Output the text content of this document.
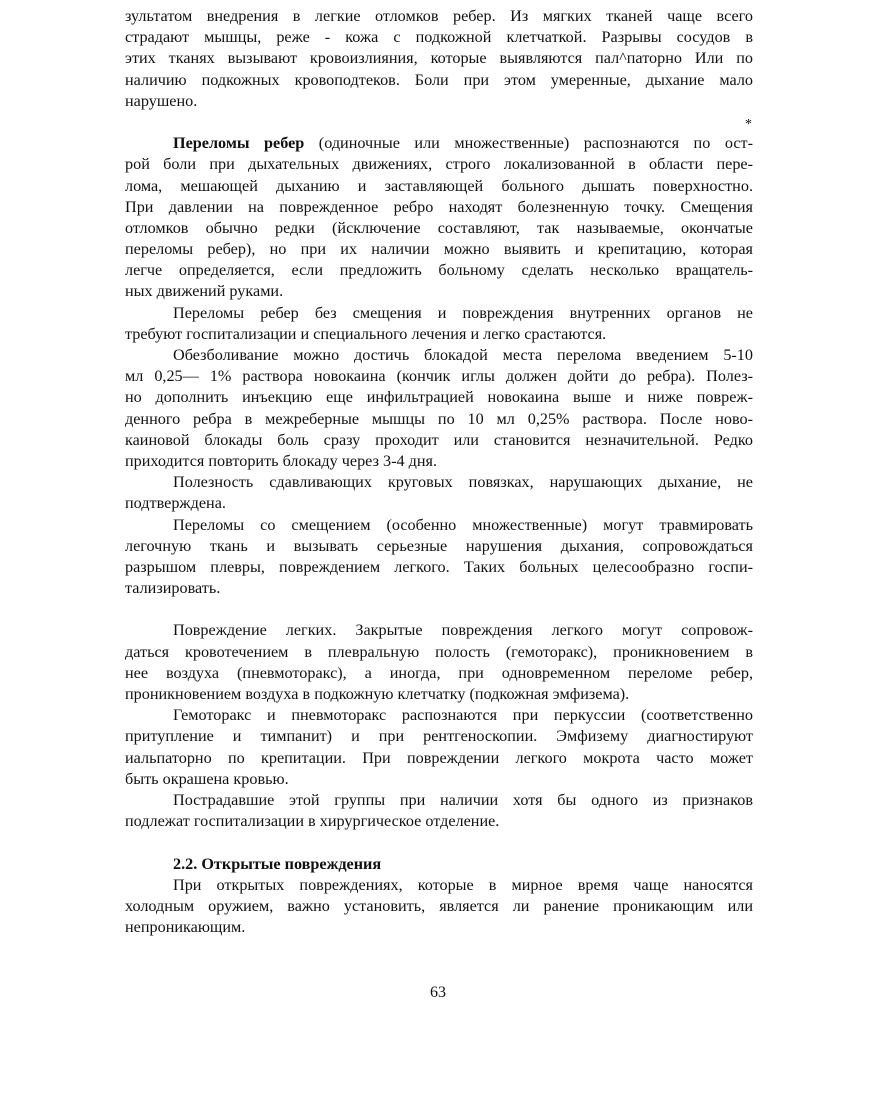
зультатом внедрения в легкие отломков ребер. Из мягких тканей чаще всего
страдают мышцы, реже - кожа с подкожной клетчаткой. Разрывы сосудов в
этих тканях вызывают кровоизлияния, которые выявляются пал^паторно Или по
наличию подкожных кровоподтеков. Боли при этом умеренные, дыхание мало
нарушено.
*
Переломы ребер (одиночные или множественные) распознаются по ост-
рой боли при дыхательных движениях, строго локализованной в области пере-
лома, мешающей дыханию и заставляющей больного дышать поверхностно.
При давлении на поврежденное ребро находят болезненную точку. Смещения
отломков обычно редки (йсключение составляют, так называемые, окончатые
переломы ребер), но при их наличии можно выявить и крепитацию, которая
легче определяется, если предложить больному сделать несколько вращатель-
ных движений руками.
Переломы ребер без смещения и повреждения внутренних органов не
требуют госпитализации и специального лечения и легко срастаются.
Обезболивание можно достичь блокадой места перелома введением 5-10
мл 0,25— 1% раствора новокаина (кончик иглы должен дойти до ребра). Полез-
но дополнить инъекцию еще инфильтрацией новокаина выше и ниже повреж-
денного ребра в межреберные мышцы по 10 мл 0,25% раствора. После ново-
каиновой блокады боль сразу проходит или становится незначительной. Редко
приходится повторить блокаду через 3-4 дня.
Полезность сдавливающих круговых повязках, нарушающих дыхание, не
подтверждена.
Переломы со смещением (особенно множественные) могут травмировать
легочную ткань и вызывать серьезные нарушения дыхания, сопровождаться
разрышом плевры, повреждением легкого. Таких больных целесообразно госпи-
тализировать.
Повреждение легких. Закрытые повреждения легкого могут сопровож-
даться кровотечением в плевральную полость (гемоторакс), проникновением в
нее воздуха (пневмоторакс), а иногда, при одновременном переломе ребер,
проникновением воздуха в подкожную клетчатку (подкожная эмфизема).
Гемоторакс и пневмоторакс распознаются при перкуссии (соответственно
притупление и тимпанит) и при рентгеноскопии. Эмфизему диагностируют
иальпаторно по крепитации. При повреждении легкого мокрота часто может
быть окрашена кровью.
Пострадавшие этой группы при наличии хотя бы одного из признаков
подлежат госпитализации в хирургическое отделение.
2.2. Открытые повреждения
При открытых повреждениях, которые в мирное время чаще наносятся
холодным оружием, важно установить, является ли ранение проникающим или
непроникающим.
63
